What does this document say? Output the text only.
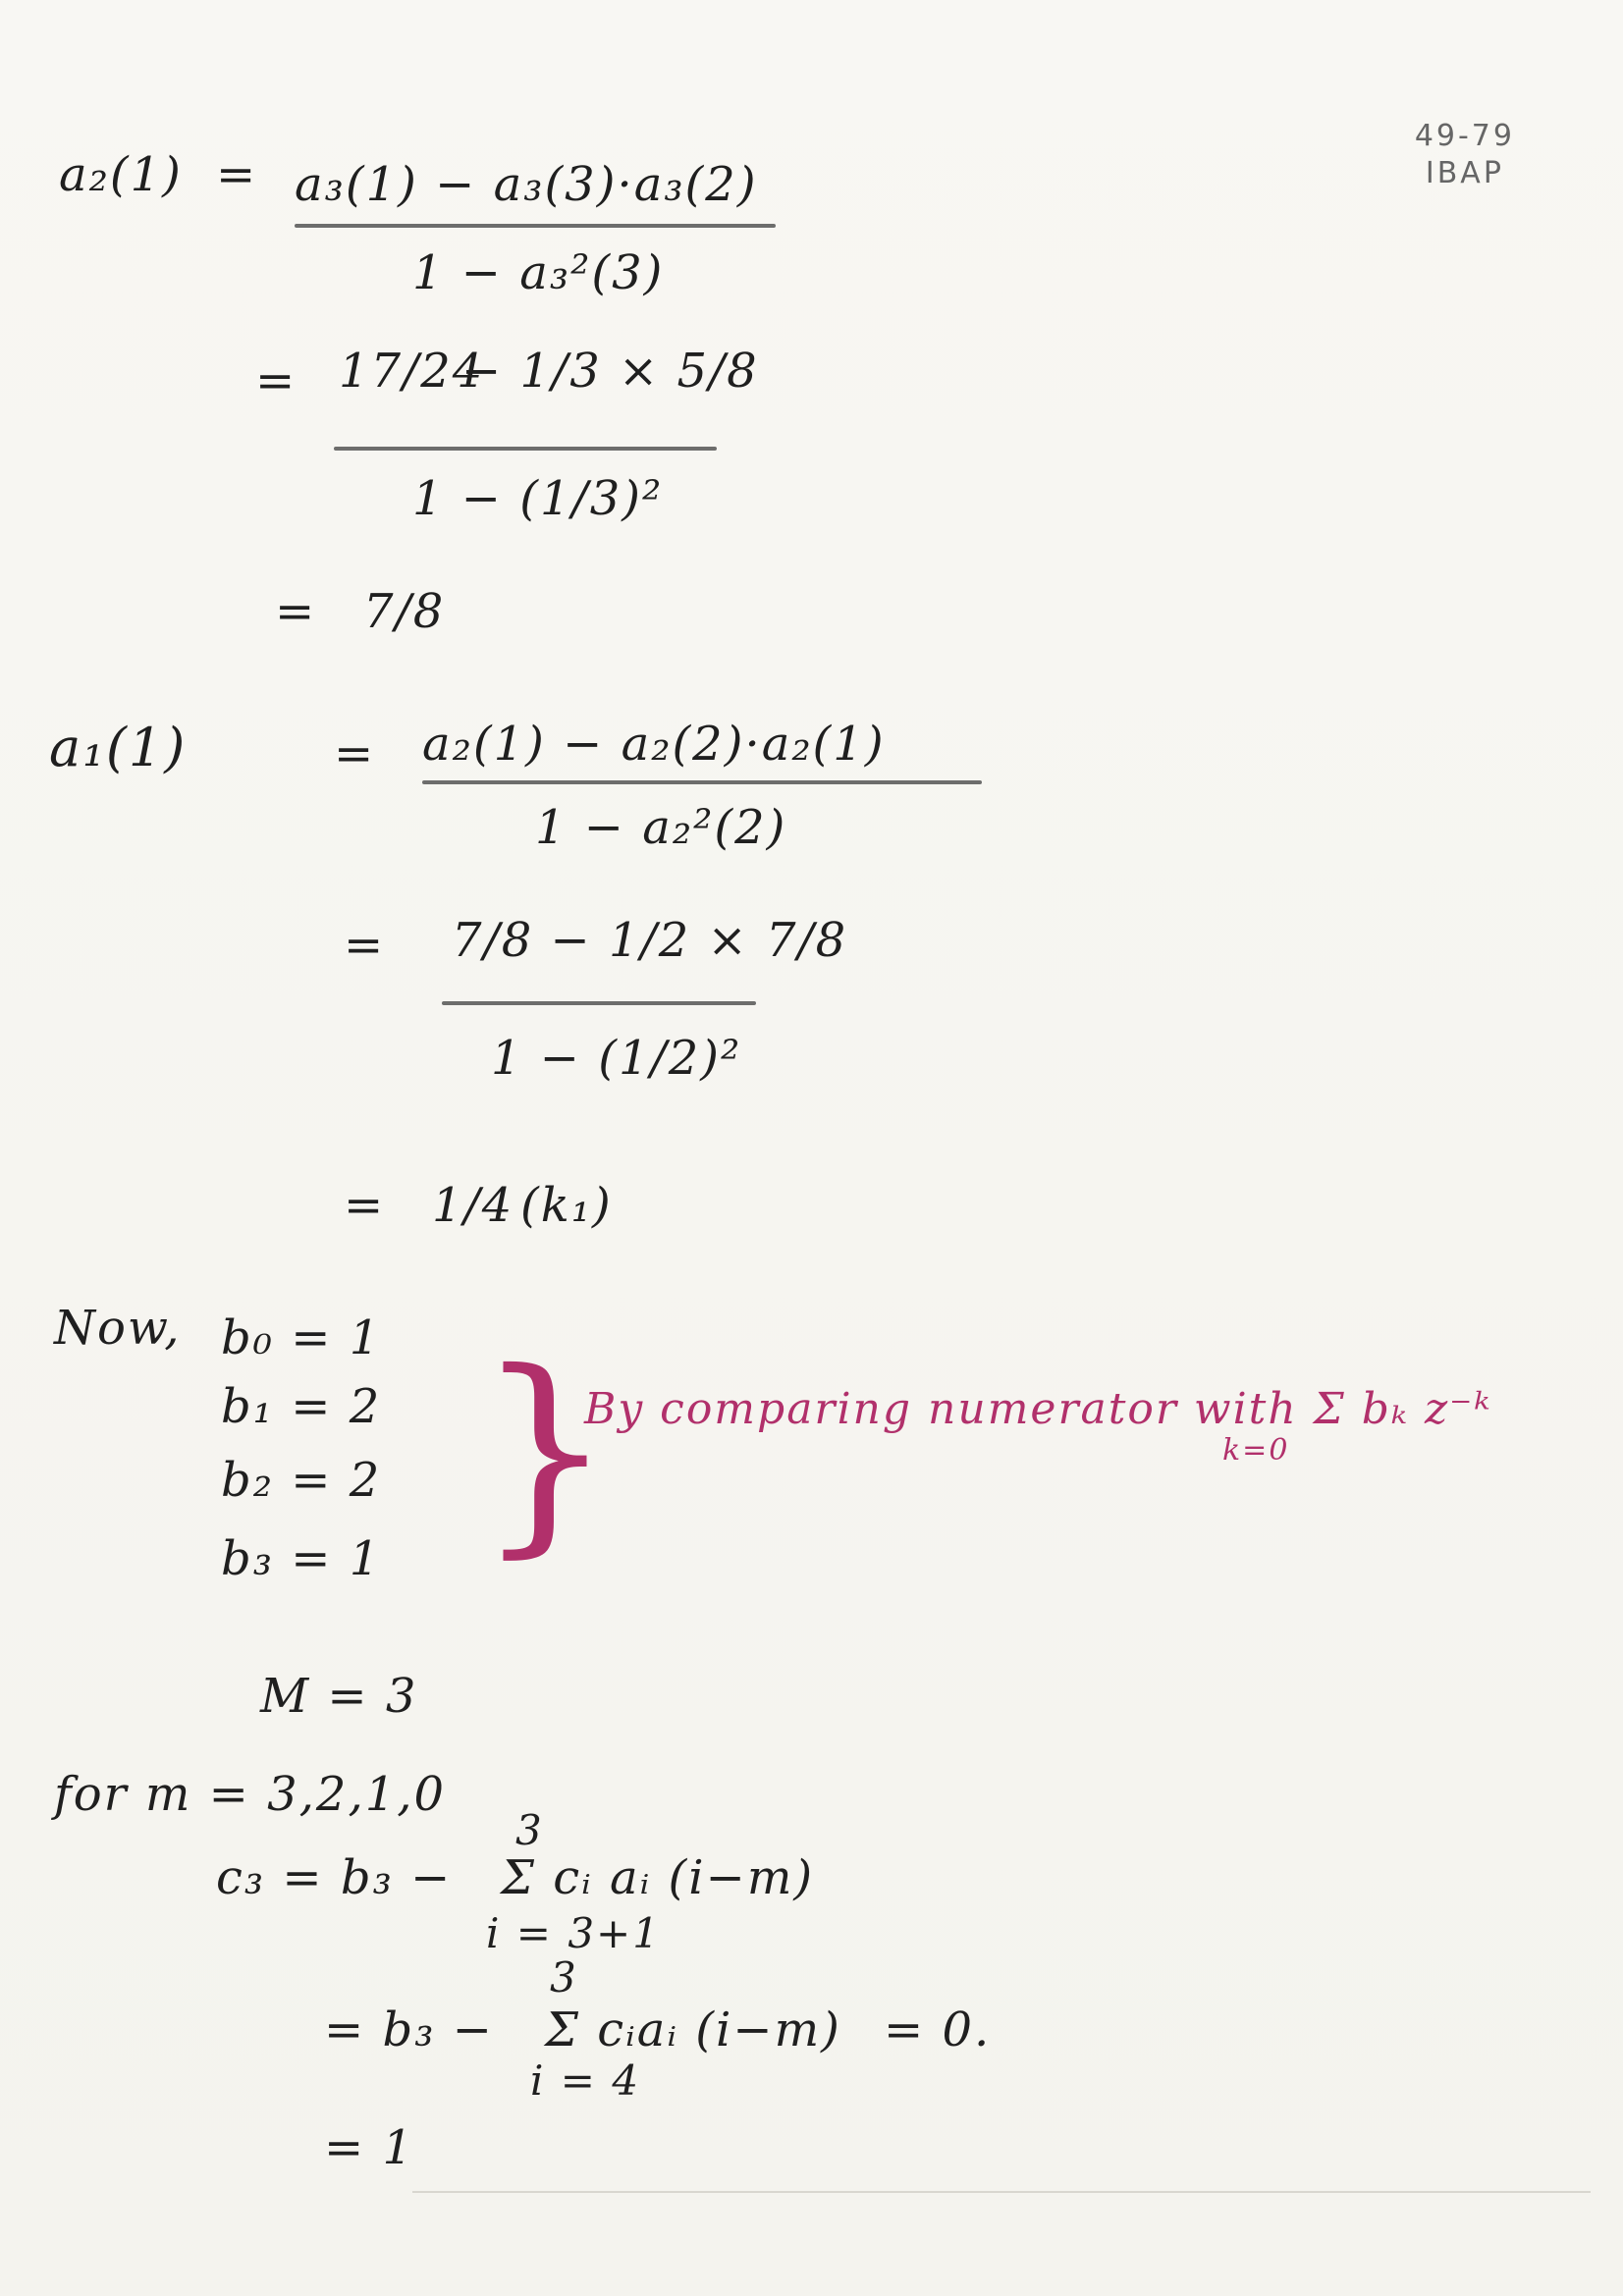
49-79
IBAP
a₂(1) = a₃(1) − a₃(3)·a₃(2)
1 − a₃²(3)
= 17/24
− 1/3 × 5/8
1 − (1/3)²
= 7/8
a₁(1)	= a₂(1) − a₂(2)·a₂(1)
1 − a₂²(2)
= 7/8 − 1/2 × 7/8
1 − (1/2)²
= 1/4 (k₁)
Now, b₀ = 1
b₁ = 2
b₂ = 2
b₃ = 1 }
By comparing numerator with Σ bₖ z⁻ᵏ
k=0
M = 3
for m = 3,2,1,0
c₃ = b₃ −
3
Σ cᵢ aᵢ (i−m)
i = 3+1
= b₃ −
3
Σ cᵢaᵢ (i−m)
i = 4
= 0.
= 1
